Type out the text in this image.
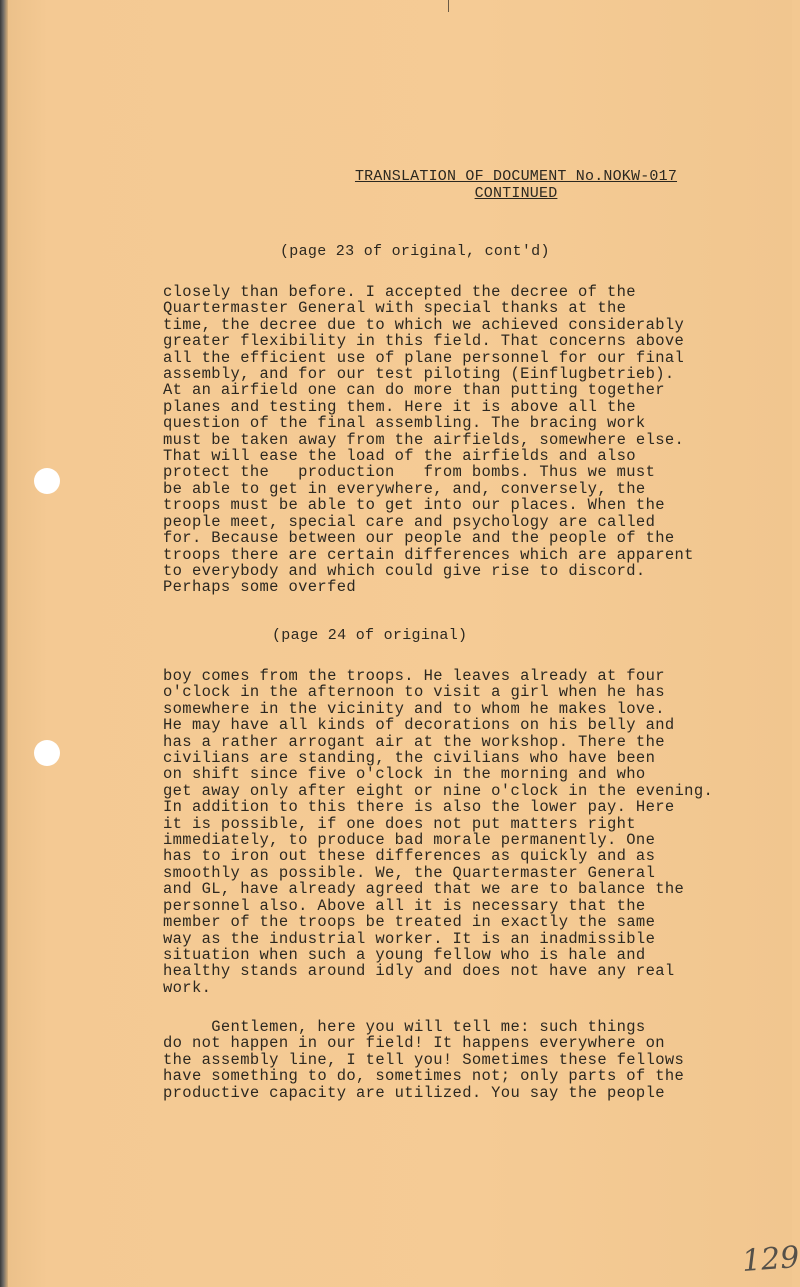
TRANSLATION OF DOCUMENT No.NOKW-017
CONTINUED
(page 23 of original, cont'd)
closely than before. I accepted the decree of the
Quartermaster General with special thanks at the
time, the decree due to which we achieved considerably
greater flexibility in this field. That concerns above
all the efficient use of plane personnel for our final
assembly, and for our test piloting (Einflugbetrieb).
At an airfield one can do more than putting together
planes and testing them. Here it is above all the
question of the final assembling. The bracing work
must be taken away from the airfields, somewhere else.
That will ease the load of the airfields and also
protect the   production   from bombs. Thus we must
be able to get in everywhere, and, conversely, the
troops must be able to get into our places. When the
people meet, special care and psychology are called
for. Because between our people and the people of the
troops there are certain differences which are apparent
to everybody and which could give rise to discord.
Perhaps some overfed
(page 24 of original)
boy comes from the troops. He leaves already at four
o'clock in the afternoon to visit a girl when he has
somewhere in the vicinity and to whom he makes love.
He may have all kinds of decorations on his belly and
has a rather arrogant air at the workshop. There the
civilians are standing, the civilians who have been
on shift since five o'clock in the morning and who
get away only after eight or nine o'clock in the evening.
In addition to this there is also the lower pay. Here
it is possible, if one does not put matters right
immediately, to produce bad morale permanently. One
has to iron out these differences as quickly and as
smoothly as possible. We, the Quartermaster General
and GL, have already agreed that we are to balance the
personnel also. Above all it is necessary that the
member of the troops be treated in exactly the same
way as the industrial worker. It is an inadmissible
situation when such a young fellow who is hale and
healthy stands around idly and does not have any real
work.
Gentlemen, here you will tell me: such things
do not happen in our field! It happens everywhere on
the assembly line, I tell you! Sometimes these fellows
have something to do, sometimes not; only parts of the
productive capacity are utilized. You say the people
129
